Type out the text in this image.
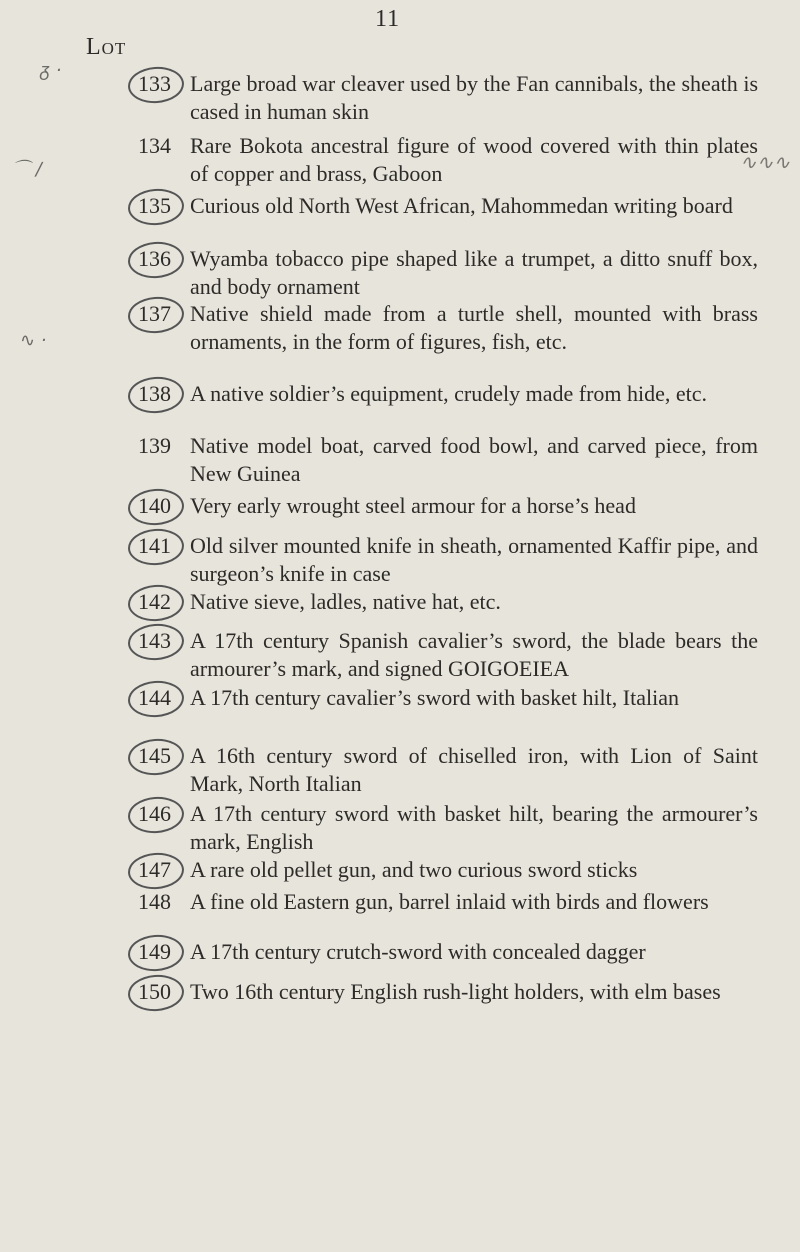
11
Lot
133 Large broad war cleaver used by the Fan cannibals, the sheath is cased in human skin
134 Rare Bokota ancestral figure of wood covered with thin plates of copper and brass, Gaboon
135 Curious old North West African, Mahommedan writing board
136 Wyamba tobacco pipe shaped like a trumpet, a ditto snuff box, and body ornament
137 Native shield made from a turtle shell, mounted with brass ornaments, in the form of figures, fish, etc.
138 A native soldier’s equipment, crudely made from hide, etc.
139 Native model boat, carved food bowl, and carved piece, from New Guinea
140 Very early wrought steel armour for a horse’s head
141 Old silver mounted knife in sheath, ornamented Kaffir pipe, and surgeon’s knife in case
142 Native sieve, ladles, native hat, etc.
143 A 17th century Spanish cavalier’s sword, the blade bears the armourer’s mark, and signed GOIGOEIEA
144 A 17th century cavalier’s sword with basket hilt, Italian
145 A 16th century sword of chiselled iron, with Lion of Saint Mark, North Italian
146 A 17th century sword with basket hilt, bearing the armourer’s mark, English
147 A rare old pellet gun, and two curious sword sticks
148 A fine old Eastern gun, barrel inlaid with birds and flowers
149 A 17th century crutch-sword with concealed dagger
150 Two 16th century English rush-light holders, with elm bases
ᵹ ·
⌒ ∕
∿ ·
∿∿∿
